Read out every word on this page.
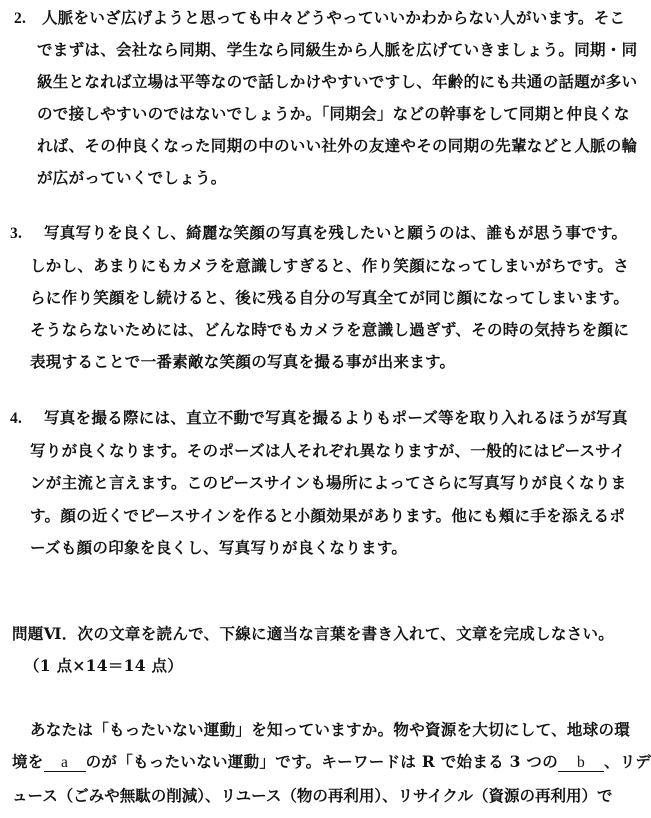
2. 人脈をいざ広げようと思っても中々どうやっていいかわからない人がいます。そこ
でまずは、会社なら同期、学生なら同級生から人脈を広げていきましょう。同期・同
級生となれば立場は平等なので話しかけやすいですし、年齢的にも共通の話題が多い
ので接しやすいのではないでしょうか。「同期会」などの幹事をして同期と仲良くな
れば、その仲良くなった同期の中のいい社外の友達やその同期の先輩などと人脈の輪
が広がっていくでしょう。
3. 写真写りを良くし、綺麗な笑顔の写真を残したいと願うのは、誰もが思う事です。
しかし、あまりにもカメラを意識しすぎると、作り笑顔になってしまいがちです。さ
らに作り笑顔をし続けると、後に残る自分の写真全てが同じ顔になってしまいます。
そうならないためには、どんな時でもカメラを意識し過ぎず、その時の気持ちを顔に
表現することで一番素敵な笑顔の写真を撮る事が出来ます。
4. 写真を撮る際には、直立不動で写真を撮るよりもポーズ等を取り入れるほうが写真
写りが良くなります。そのポーズは人それぞれ異なりますが、一般的にはピースサイ
ンが主流と言えます。このピースサインも場所によってさらに写真写りが良くなりま
す。顔の近くでピースサインを作ると小顔効果があります。他にも頬に手を添えるポ
ーズも顔の印象を良くし、写真写りが良くなります。
問題Ⅵ．次の文章を読んで、下線に適当な言葉を書き入れて、文章を完成しなさい。
（1 点×14＝14 点）
あなたは「もったいない運動」を知っていますか。物や資源を大切にして、地球の環
境を a のが「もったいない運動」です。キーワードは R で始まる 3 つの b 、リデ
ュース（ごみや無駄の削減）、リユース（物の再利用）、リサイクル（資源の再利用）で
